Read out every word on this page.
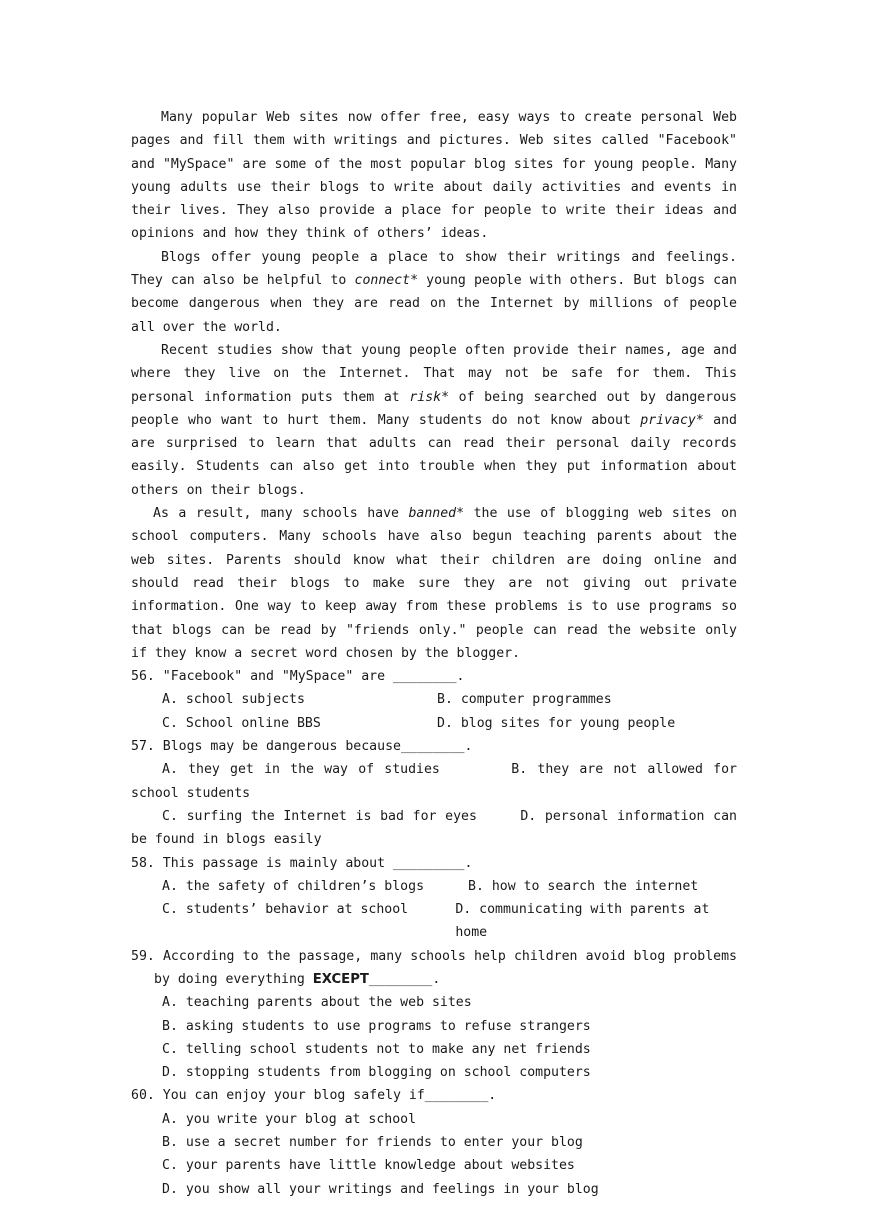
Many popular Web sites now offer free, easy ways to create personal Web pages and fill them with writings and pictures. Web sites called "Facebook" and "MySpace" are some of the most popular blog sites for young people. Many young adults use their blogs to write about daily activities and events in their lives. They also provide a place for people to write their ideas and opinions and how they think of others’ ideas.

Blogs offer young people a place to show their writings and feelings. They can also be helpful to connect* young people with others. But blogs can become dangerous when they are read on the Internet by millions of people all over the world.

Recent studies show that young people often provide their names, age and where they live on the Internet. That may not be safe for them. This personal information puts them at risk* of being searched out by dangerous people who want to hurt them. Many students do not know about privacy* and are surprised to learn that adults can read their personal daily records easily. Students can also get into trouble when they put information about others on their blogs.

As a result, many schools have banned* the use of blogging web sites on school computers. Many schools have also begun teaching parents about the web sites. Parents should know what their children are doing online and should read their blogs to make sure they are not giving out private information. One way to keep away from these problems is to use programs so that blogs can be read by "friends only." people can read the website only if they know a secret word chosen by the blogger.

56. "Facebook" and "MySpace" are ________.
A. school subjects	B. computer programmes
C. School online BBS	D. blog sites for young people
57. Blogs may be dangerous because________.

A. they get in the way of studies	B. they are not allowed for school students

C. surfing the Internet is bad for eyes	D. personal information can be found in blogs easily

58. This passage is mainly about _________.
A. the safety of children’s blogs	B. how to search the internet
C. students’ behavior at school	D. communicating with parents at home

59. According to the passage, many schools help children avoid blog problems by doing everything EXCEPT________.

A. teaching parents about the web sites
B. asking students to use programs to refuse strangers
C. telling school students not to make any net friends
D. stopping students from blogging on school computers
60. You can enjoy your blog safely if________.
A. you write your blog at school
B. use a secret number for friends to enter your blog
C. your parents have little knowledge about websites
D. you show all your writings and feelings in your blog
